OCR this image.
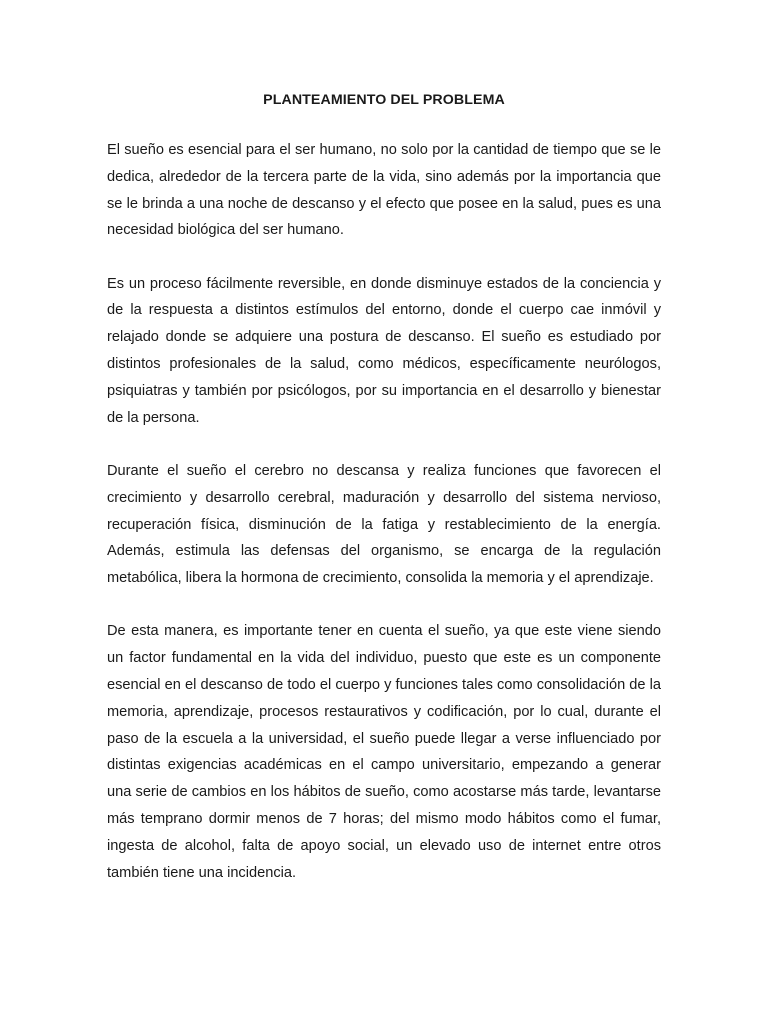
PLANTEAMIENTO DEL PROBLEMA

El sueño es esencial para el ser humano, no solo por la cantidad de tiempo que se le dedica, alrededor de la tercera parte de la vida, sino además por la importancia que se le brinda a una noche de descanso y el efecto que posee en la salud, pues es una necesidad biológica del ser humano.

Es un proceso fácilmente reversible, en donde disminuye estados de la conciencia y de la respuesta a distintos estímulos del entorno, donde el cuerpo cae inmóvil y relajado donde se adquiere una postura de descanso. El sueño es estudiado por distintos profesionales de la salud, como médicos, específicamente neurólogos, psiquiatras y también por psicólogos, por su importancia en el desarrollo y bienestar de la persona.

Durante el sueño el cerebro no descansa y realiza funciones que favorecen el crecimiento y desarrollo cerebral, maduración y desarrollo del sistema nervioso, recuperación física, disminución de la fatiga y restablecimiento de la energía. Además, estimula las defensas del organismo, se encarga de la regulación metabólica, libera la hormona de crecimiento, consolida la memoria y el aprendizaje.

De esta manera, es importante tener en cuenta el sueño, ya que este viene siendo un factor fundamental en la vida del individuo, puesto que este es un componente esencial en el descanso de todo el cuerpo y funciones tales como consolidación de la memoria, aprendizaje, procesos restaurativos y codificación, por lo cual, durante el paso de la escuela a la universidad, el sueño puede llegar a verse influenciado por distintas exigencias académicas en el campo universitario, empezando a generar una serie de cambios en los hábitos de sueño, como acostarse más tarde, levantarse más temprano dormir menos de 7 horas; del mismo modo hábitos como el fumar, ingesta de alcohol, falta de apoyo social, un elevado uso de internet entre otros también tiene una incidencia.
